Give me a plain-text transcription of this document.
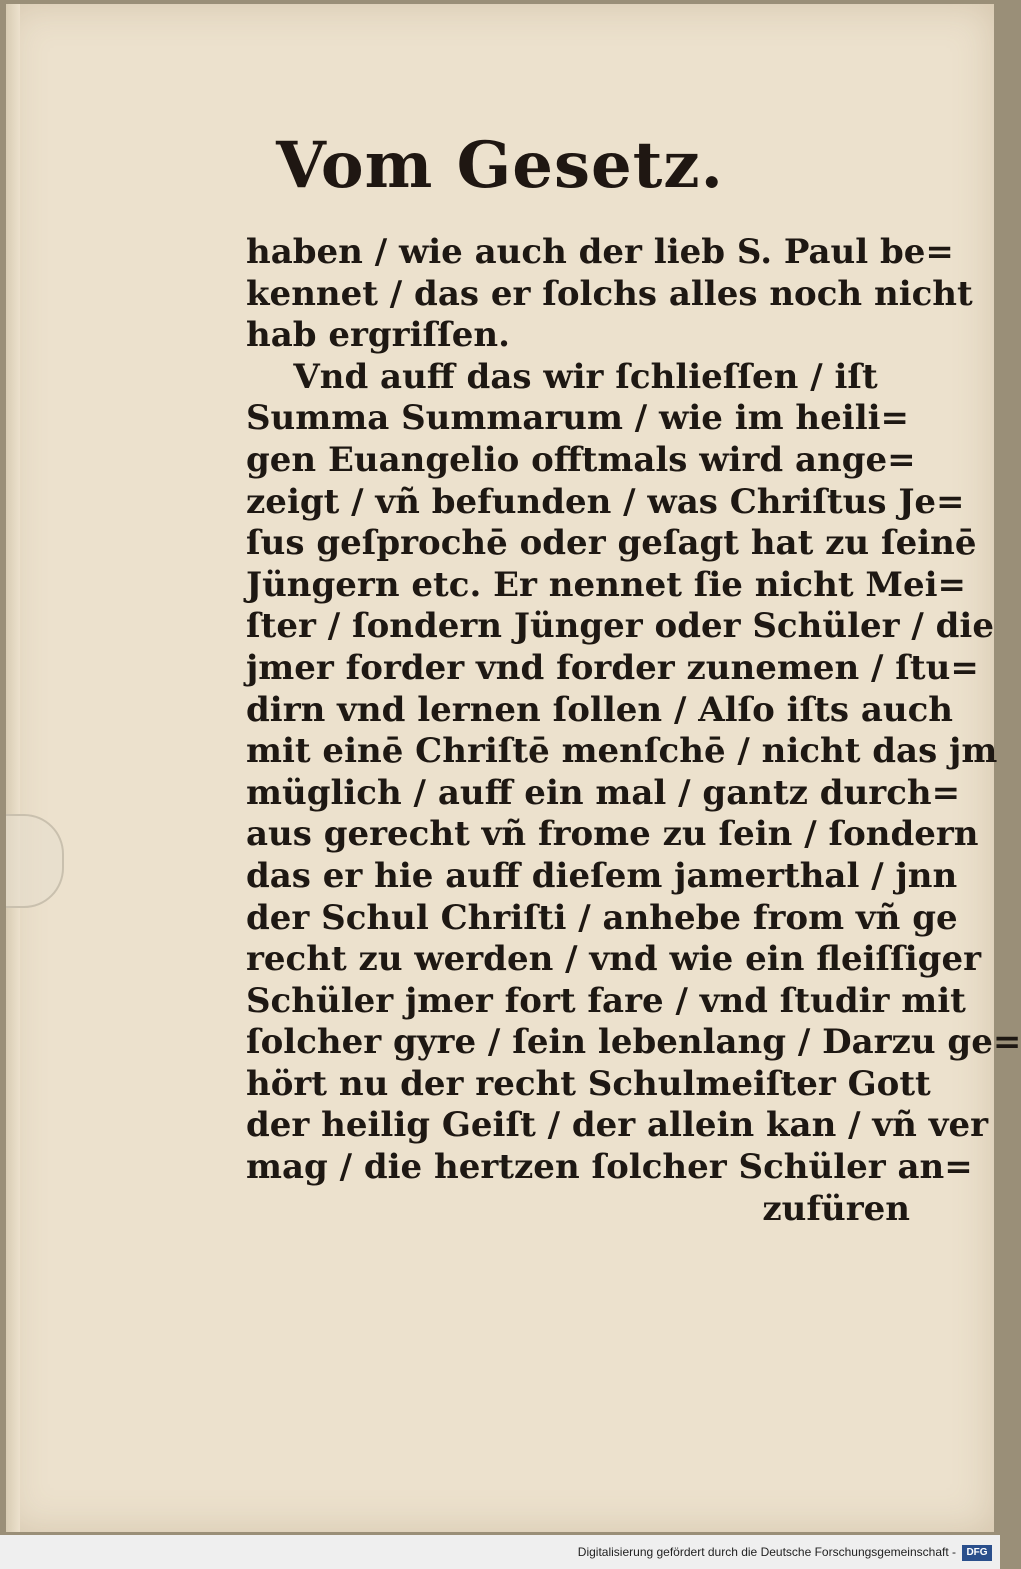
Vom Gesetz.
haben / wie auch der lieb S. Paul be=
kennet / das er ſolchs alles noch nicht
hab ergriſſen.
Vnd auff das wir ſchlieſſen / iſt
Summa Summarum / wie im heili=
gen Euangelio offtmals wird ange=
zeigt / vñ befunden / was Chriſtus Je=
ſus geſprochē oder geſagt hat zu ſeinē
Jüngern etc. Er nennet ſie nicht Mei=
ſter / ſondern Jünger oder Schüler / die
jmer forder vnd forder zunemen / ſtu=
dirn vnd lernen ſollen / Alſo iſts auch
mit einē Chriſtē menſchē / nicht das jm
müglich / auff ein mal / gantz durch=
aus gerecht vñ frome zu ſein / ſondern
das er hie auff dieſem jamerthal / jnn
der Schul Chriſti / anhebe from vñ ge
recht zu werden / vnd wie ein fleiſſiger
Schüler jmer fort fare / vnd ſtudir mit
ſolcher gyre / ſein lebenlang / Darzu ge=
hört nu der recht Schulmeiſter Gott
der heilig Geiſt / der allein kan / vñ ver
mag / die hertzen ſolcher Schüler an=
zufüren
Digitalisierung gefördert durch die Deutsche Forschungsgemeinschaft -	DFG
